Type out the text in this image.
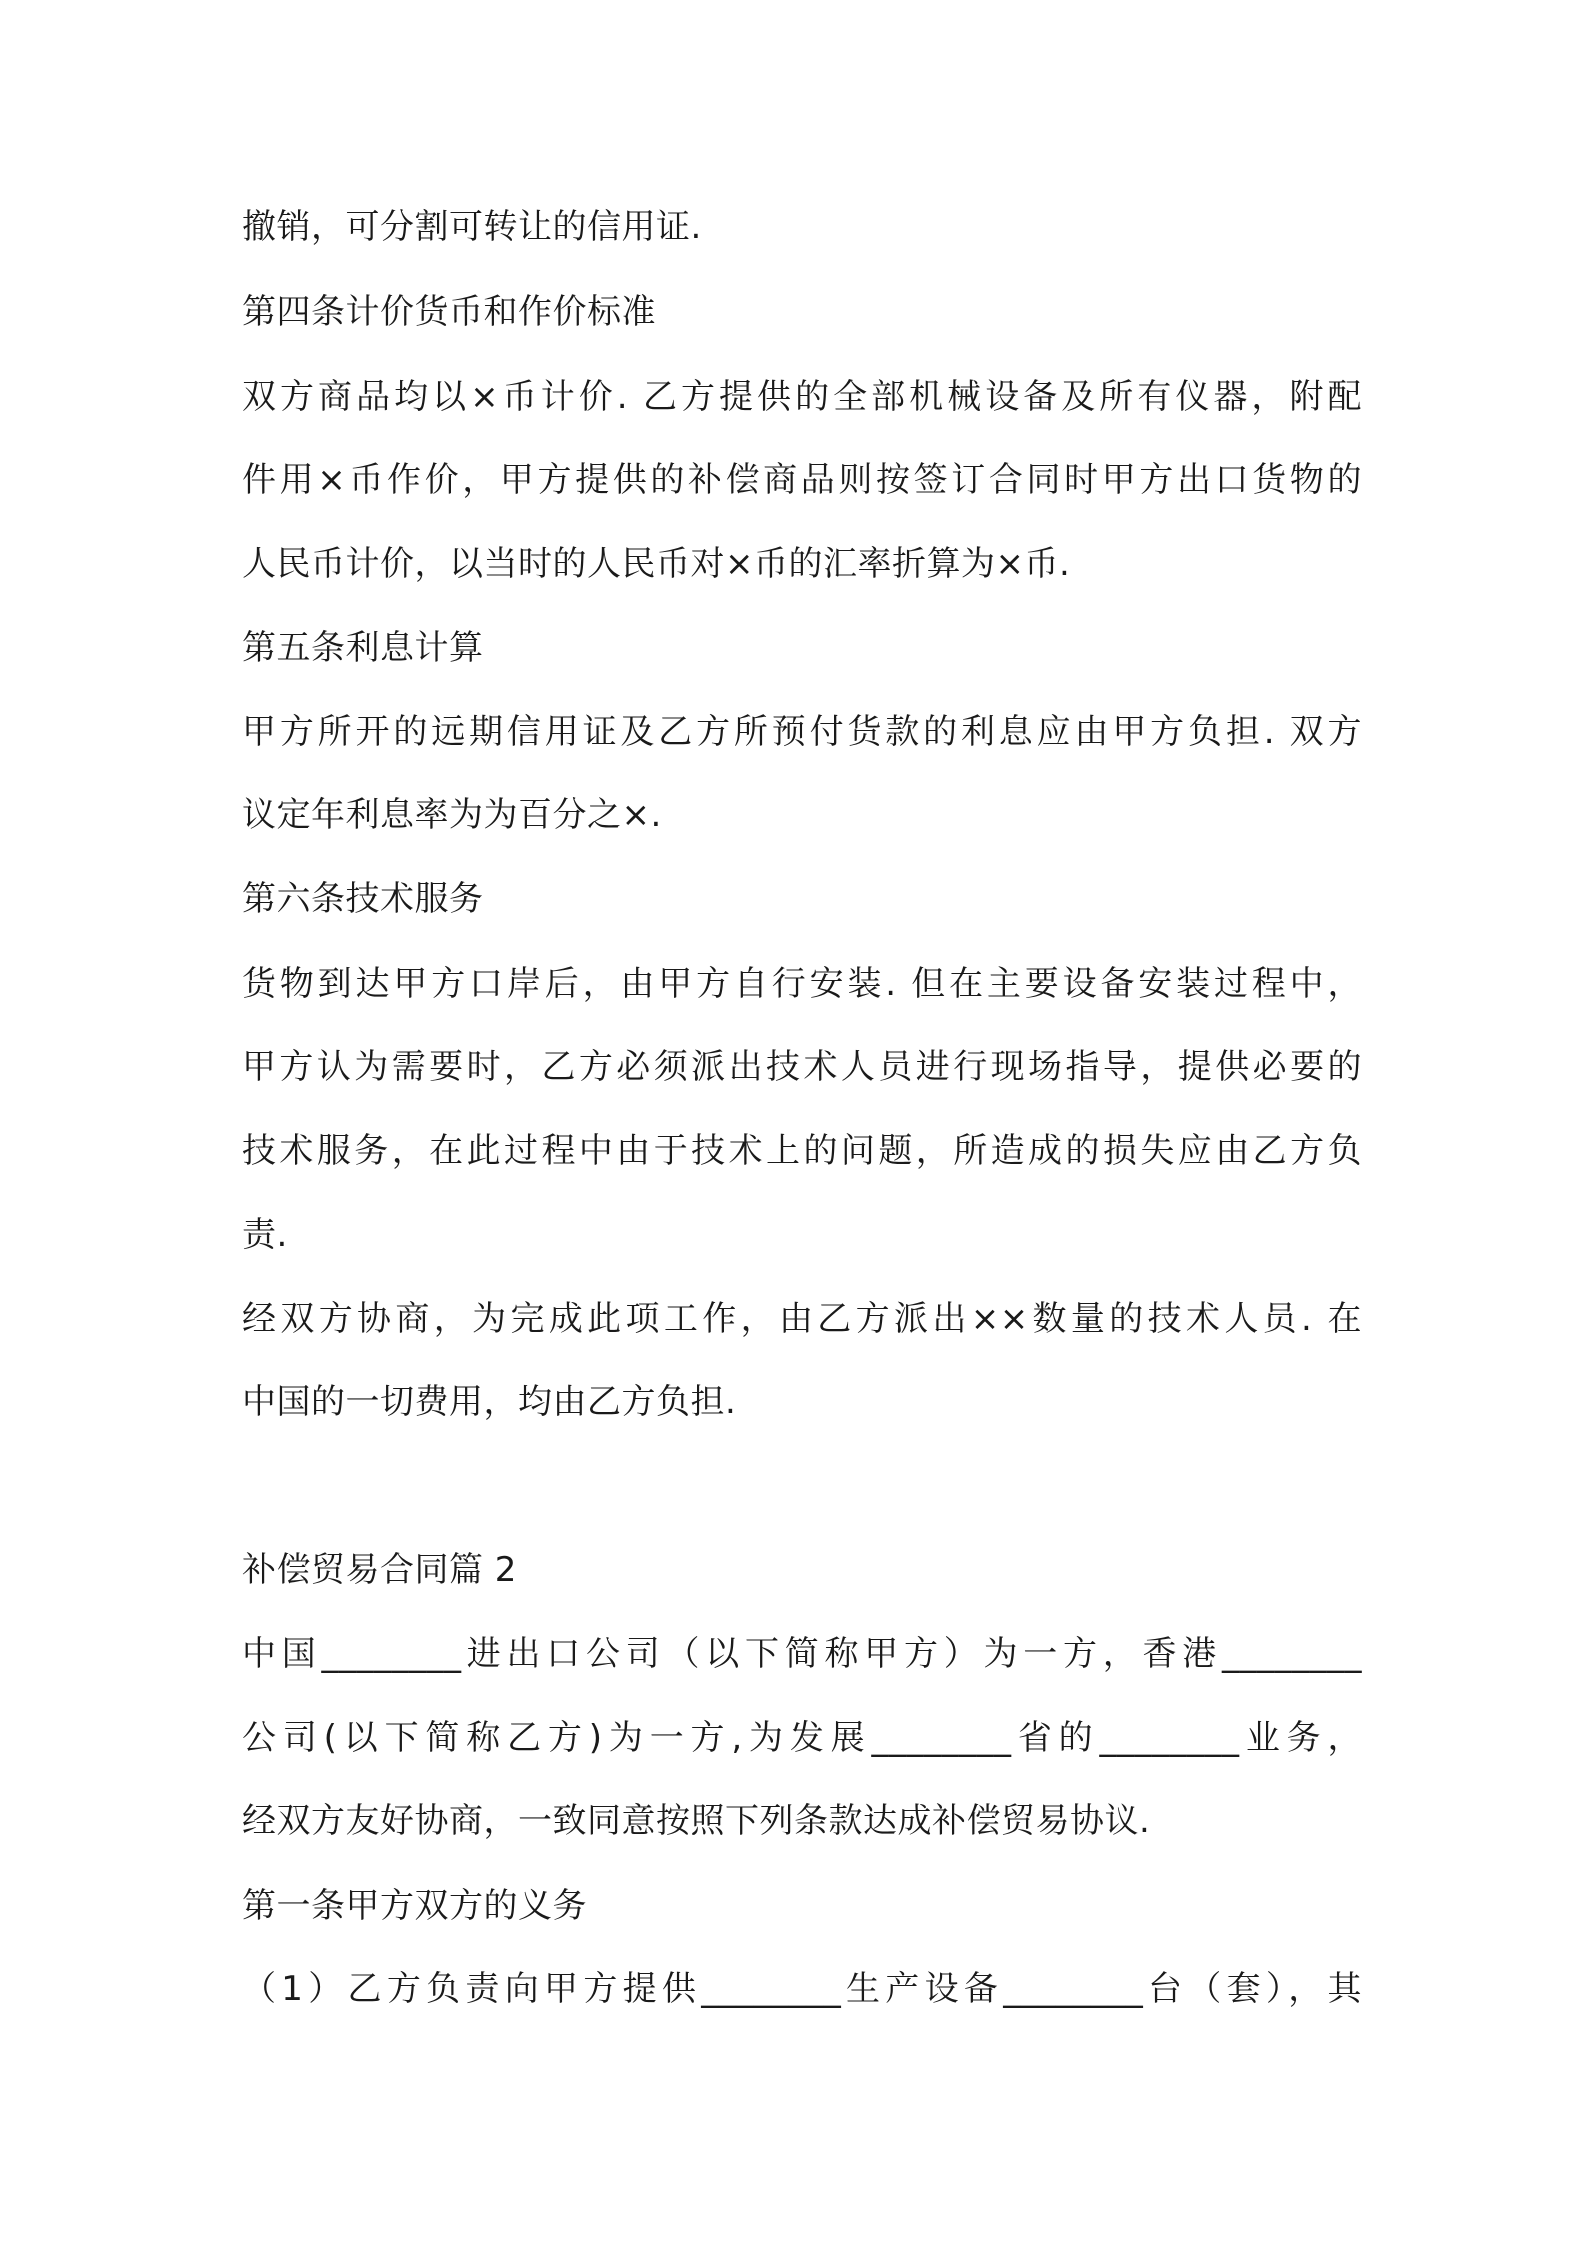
撤销，可分割可转让的信用证.
第四条计价货币和作价标准
双方商品均以×币计价. 乙方提供的全部机械设备及所有仪器，附配
件用×币作价，甲方提供的补偿商品则按签订合同时甲方出口货物的
人民币计价，以当时的人民币对×币的汇率折算为×币.
第五条利息计算
甲方所开的远期信用证及乙方所预付货款的利息应由甲方负担. 双方
议定年利息率为为百分之×.
第六条技术服务
货物到达甲方口岸后，由甲方自行安装. 但在主要设备安装过程中，
甲方认为需要时，乙方必须派出技术人员进行现场指导，提供必要的
技术服务，在此过程中由于技术上的问题，所造成的损失应由乙方负
责.
经双方协商，为完成此项工作，由乙方派出××数量的技术人员. 在
中国的一切费用，均由乙方负担.
补偿贸易合同篇 2
中国________进出口公司（以下简称甲方）为一方，香港________
公司(以下简称乙方)为一方,为发展________省的________业务，
经双方友好协商，一致同意按照下列条款达成补偿贸易协议.
第一条甲方双方的义务
（1）乙方负责向甲方提供________生产设备________台（套），其
